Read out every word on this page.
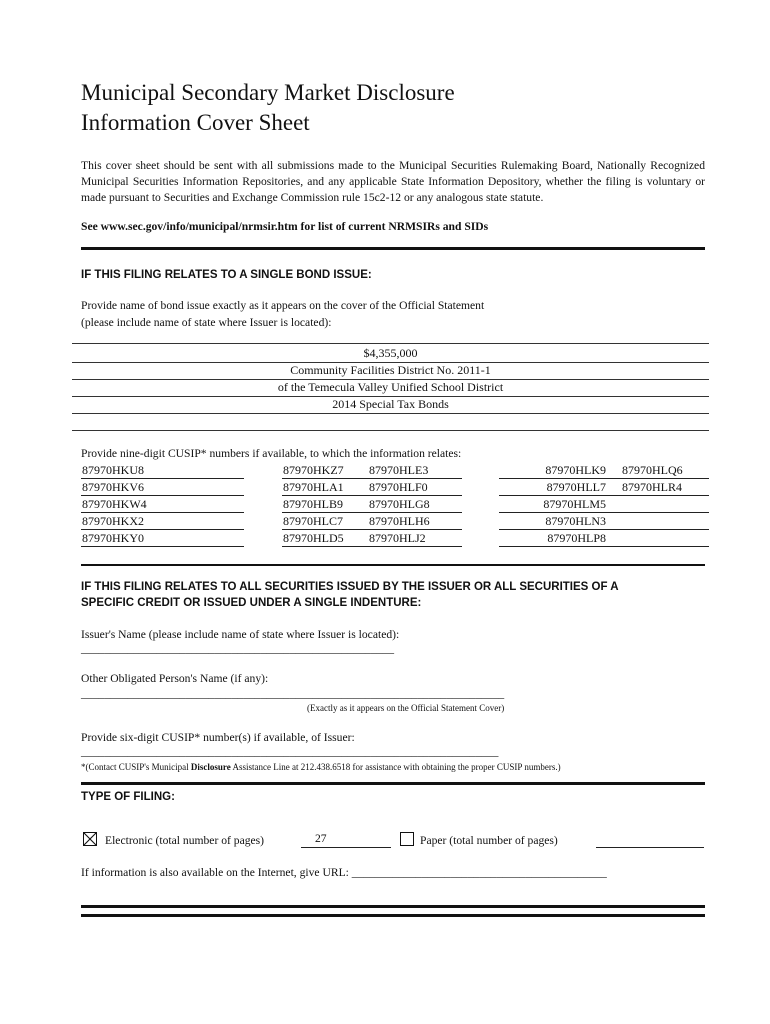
Municipal Secondary Market Disclosure
Information Cover Sheet
This cover sheet should be sent with all submissions made to the Municipal Securities Rulemaking Board, Nationally Recognized Municipal Securities Information Repositories, and any applicable State Information Depository, whether the filing is voluntary or made pursuant to Securities and Exchange Commission rule 15c2-12 or any analogous state statute.
See www.sec.gov/info/municipal/nrmsir.htm for list of current NRMSIRs and SIDs
IF THIS FILING RELATES TO A SINGLE BOND ISSUE:
Provide name of bond issue exactly as it appears on the cover of the Official Statement
(please include name of state where Issuer is located):
$4,355,000
Community Facilities District No. 2011-1
of the Temecula Valley Unified School District
2014 Special Tax Bonds
Provide nine-digit CUSIP* numbers if available, to which the information relates:
87970HKU8
87970HKV6
87970HKW4
87970HKX2
87970HKY0
87970HKZ7
87970HLA1
87970HLB9
87970HLC7
87970HLD5
87970HLE3
87970HLF0
87970HLG8
87970HLH6
87970HLJ2
87970HLK9
87970HLL7
87970HLM5
87970HLN3
87970HLP8
87970HLQ6
87970HLR4
IF THIS FILING RELATES TO ALL SECURITIES ISSUED BY THE ISSUER OR ALL SECURITIES OF A
SPECIFIC CREDIT OR ISSUED UNDER A SINGLE INDENTURE:
Issuer's Name (please include name of state where Issuer is located):
______________________________________________________
Other Obligated Person's Name (if any):
_________________________________________________________________________
(Exactly as it appears on the Official Statement Cover)
Provide six-digit CUSIP* number(s) if available, of Issuer:
________________________________________________________________________
*(Contact CUSIP's Municipal Disclosure Assistance Line at 212.438.6518 for assistance with obtaining the proper CUSIP numbers.)
TYPE OF FILING:
Electronic (total number of pages)	27	Paper (total number of pages)
If information is also available on the Internet, give URL: ____________________________________________
